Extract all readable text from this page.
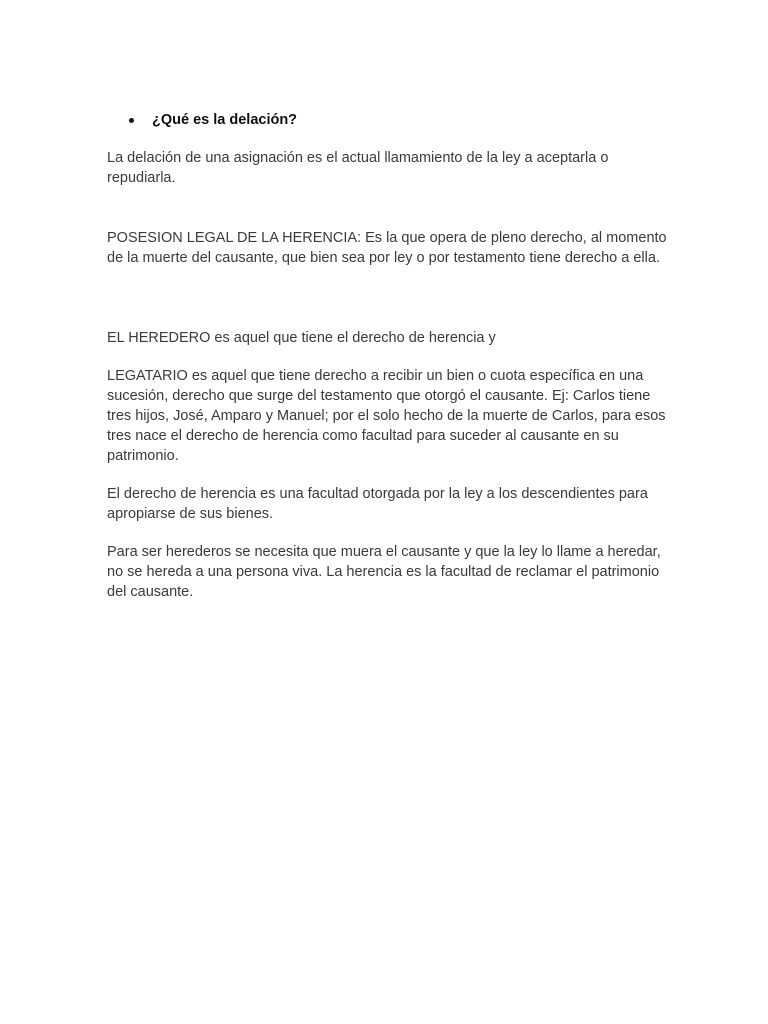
¿Qué es la delación?

La delación de una asignación es el actual llamamiento de la ley a aceptarla o repudiarla.

POSESION LEGAL DE LA HERENCIA: Es la que opera de pleno derecho, al momento de la muerte del causante, que bien sea por ley o por testamento tiene derecho a ella.

EL HEREDERO es aquel que tiene el derecho de herencia y

LEGATARIO es aquel que tiene derecho a recibir un bien o cuota específica en una sucesión, derecho que surge del testamento que otorgó el causante. Ej: Carlos tiene tres hijos, José, Amparo y Manuel; por el solo hecho de la muerte de Carlos, para esos tres nace el derecho de herencia como facultad para suceder al causante en su patrimonio.

El derecho de herencia es una facultad otorgada por la ley a los descendientes para apropiarse de sus bienes.

Para ser herederos se necesita que muera el causante y que la ley lo llame a heredar, no se hereda a una persona viva. La herencia es la facultad de reclamar el patrimonio del causante.
